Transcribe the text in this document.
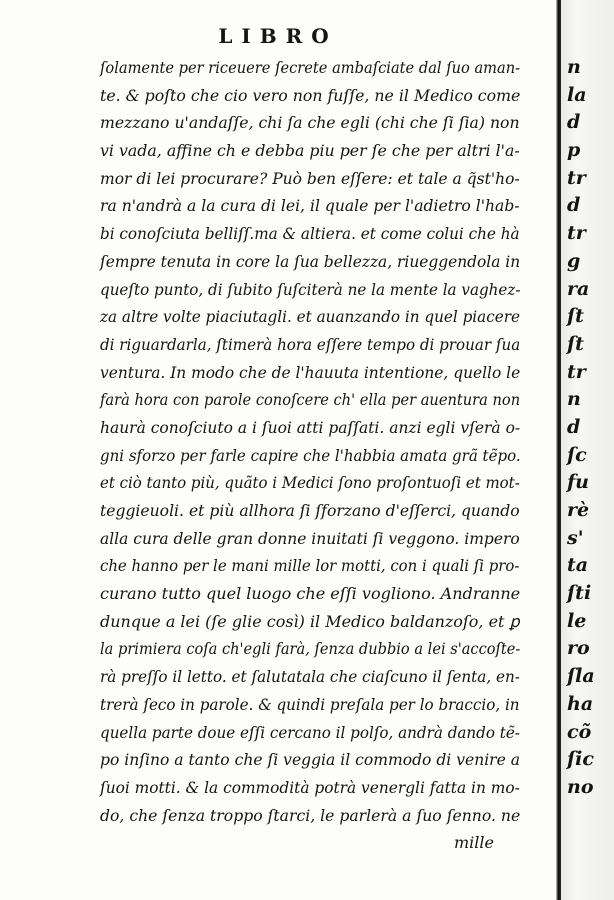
LIBRO
ſolamente per riceuere ſecrete ambaſciate dal ſuo aman-
te. & poſto che cio vero non fuſſe, ne il Medico come
mezzano u'andaſſe, chi ſa che egli (chi che ſi ſia) non
vi vada, affine ch e debba piu per ſe che per altri l'a-
mor di lei procurare? Può ben eſſere: et tale a q̃st'ho-
ra n'andrà a la cura di lei, il quale per l'adietro l'hab-
bi conoſciuta belliſſ.ma & altiera. et come colui che hà
ſempre tenuta in core la ſua bellezza, riueggendola in
queſto punto, di ſubito ſuſciterà ne la mente la vaghez-
za altre volte piaciutagli. et auanzando in quel piacere
di riguardarla, ſtimerà hora eſſere tempo di prouar ſua
ventura. In modo che de l'hauuta intentione, quello le
farà hora con parole conoſcere ch' ella per auentura non
haurà conoſciuto a i ſuoi atti paſſati. anzi egli vſerà o-
gni sforzo per farle capire che l'habbia amata grã tẽpo.
et ciò tanto più, quãto i Medici ſono proſontuoſi et mot-
teggieuoli. et più allhora ſi ſforzano d'eſſerci, quando
alla cura delle gran donne inuitati ſi veggono. impero
che hanno per le mani mille lor motti, con i quali ſi pro-
curano tutto quel luogo che eſſi vogliono. Andranne
dunque a lei (ſe glie così) il Medico baldanzoſo, et ꝑ
la primiera coſa ch'egli farà, ſenza dubbio a lei s'accoſte-
rà preſſo il letto. et ſalutatala che ciaſcuno il ſenta, en-
trerà ſeco in parole. & quindi preſala per lo braccio, in
quella parte doue eſſi cercano il polſo, andrà dando tẽ-
po inſino a tanto che ſi veggia il commodo di venire a
ſuoi motti. & la commodità potrà venergli fatta in mo-
do, che ſenza troppo ſtarci, le parlerà a ſuo ſenno. ne
mille
n
la
d
p
tr
d
tr
g
ra
ſt
ſt
tr
n
d
ſc
fu
rè
s'
ta
ſti
le
ro
ſla
ha
cõ
ſic
no
